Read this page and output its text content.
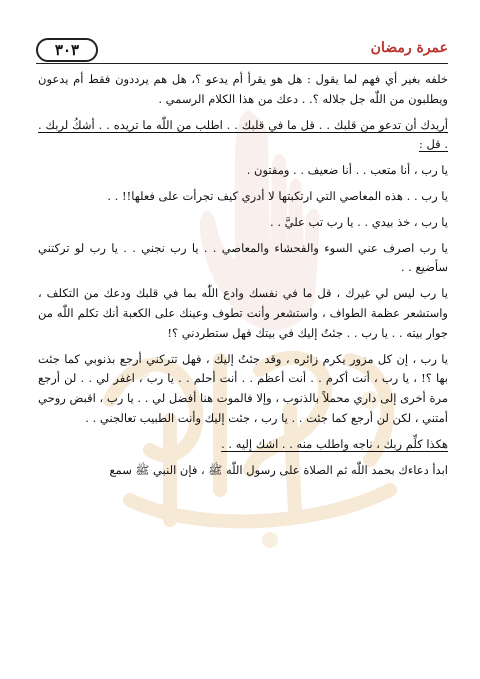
٣٠٣	عمرة رمضان

خلفه بغير أي فهم لما يقول : هل هو يقرأ أم يدعو ؟، هل هم يرددون فقط أم يدعون ويطلبون من اللّٰه جل جلاله ؟. . دعك من هذا الكلام الرسمي .

أريدك أن تدعو من قلبك . . قل ما في قلبك . . اطلب من اللّٰه ما تريده . . أشكُ لربك . . قل :

يا رب ، أنا متعب . . أنا ضعيف . . ومفتون .

يا رب . . هذه المعاصي التي ارتكبتها لا أدري كيف تجرأت على فعلها!! . .

يا رب ، خذ بيدي . . يا رب تب عليَّ . .

يا رب اصرف عني السوء والفحشاء والمعاصي . . يا رب نجني . . يا رب لو تركتني سأضيع . .

يا رب ليس لي غيرك ، قل ما في نفسك وادع اللّٰه بما في قلبك ودعك من التكلف ، واستشعر عظمة الطواف ، واستشعر وأنت تطوف وعينك على الكعبة أنك تكلم اللّٰه من جوار بيته . . يا رب . . جئتُ إليك في بيتك فهل ستطردني ؟!

يا رب ، إن كل مزور يكرم زائره ، وقد جئتُ إليك ، فهل تتركني أرجع بذنوبي كما جئت بها ؟! ، يا رب ، أنت أكرم . . أنت أعظم . . أنت أحلم . . يا رب ، اغفر لي . . لن أرجع مرة أخرى إلى داري محملاً بالذنوب ، وإلا فالموت هنا أفضل لي . . يا رب ، اقبض روحي أمتني ، لكن لن أرجع كما جئت . . يا رب ، جئت إليك وأنت الطبيب تعالجني . .

هكذا كلِّم ربك ، ناجه واطلب منه . . اشك إليه . .

ابدأ دعاءك بحمد اللّٰه ثم الصلاة على رسول اللّٰه ﷺ ، فإن النبي ﷺ سمع
